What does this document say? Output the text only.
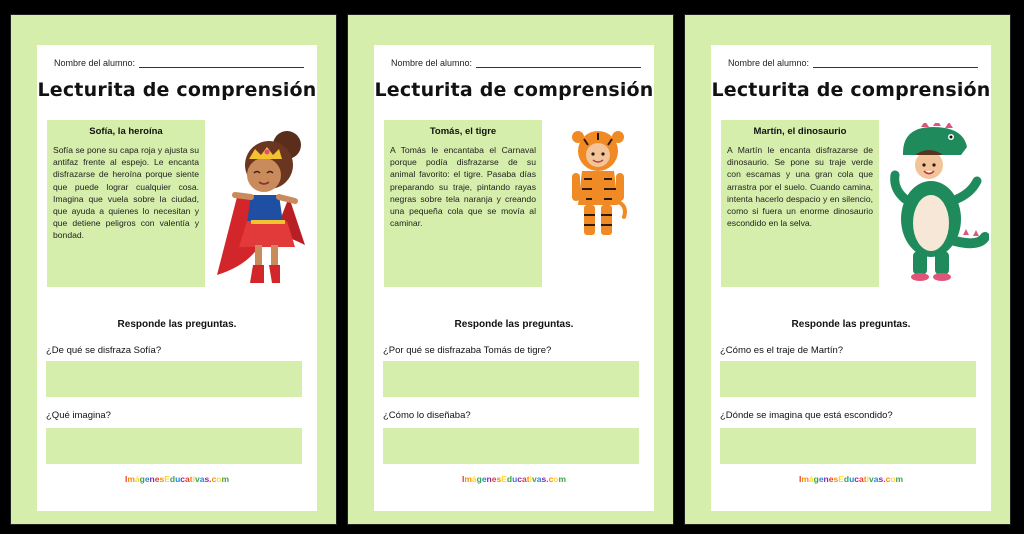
Nombre del alumno:
Lecturita de comprensión
Sofía, la heroína

Sofía se pone su capa roja y ajusta su antifaz frente al espejo. Le encanta disfrazarse de heroína porque siente que puede lograr cualquier cosa. Imagina que vuela sobre la ciudad, que ayuda a quienes lo necesitan y que detiene peligros con valentía y bondad.

Responde las preguntas.
¿De qué se disfraza Sofía?
¿Qué imagina?
ImágenesEducativas.com
Nombre del alumno:
Lecturita de comprensión
Tomás, el tigre

A Tomás le encantaba el Carnaval porque podía disfrazarse de su animal favorito: el tigre. Pasaba días preparando su traje, pintando rayas negras sobre tela naranja y creando una pequeña cola que se movía al caminar.

Responde las preguntas.
¿Por qué se disfrazaba Tomás de tigre?
¿Cómo lo diseñaba?
ImágenesEducativas.com
Nombre del alumno:
Lecturita de comprensión
Martín, el dinosaurio

A Martín le encanta disfrazarse de dinosaurio. Se pone su traje verde con escamas y una gran cola que arrastra por el suelo. Cuando camina, intenta hacerlo despacio y en silencio, como si fuera un enorme dinosaurio escondido en la selva.

Responde las preguntas.
¿Cómo es el traje de Martín?
¿Dónde se imagina que está escondido?
ImágenesEducativas.com
